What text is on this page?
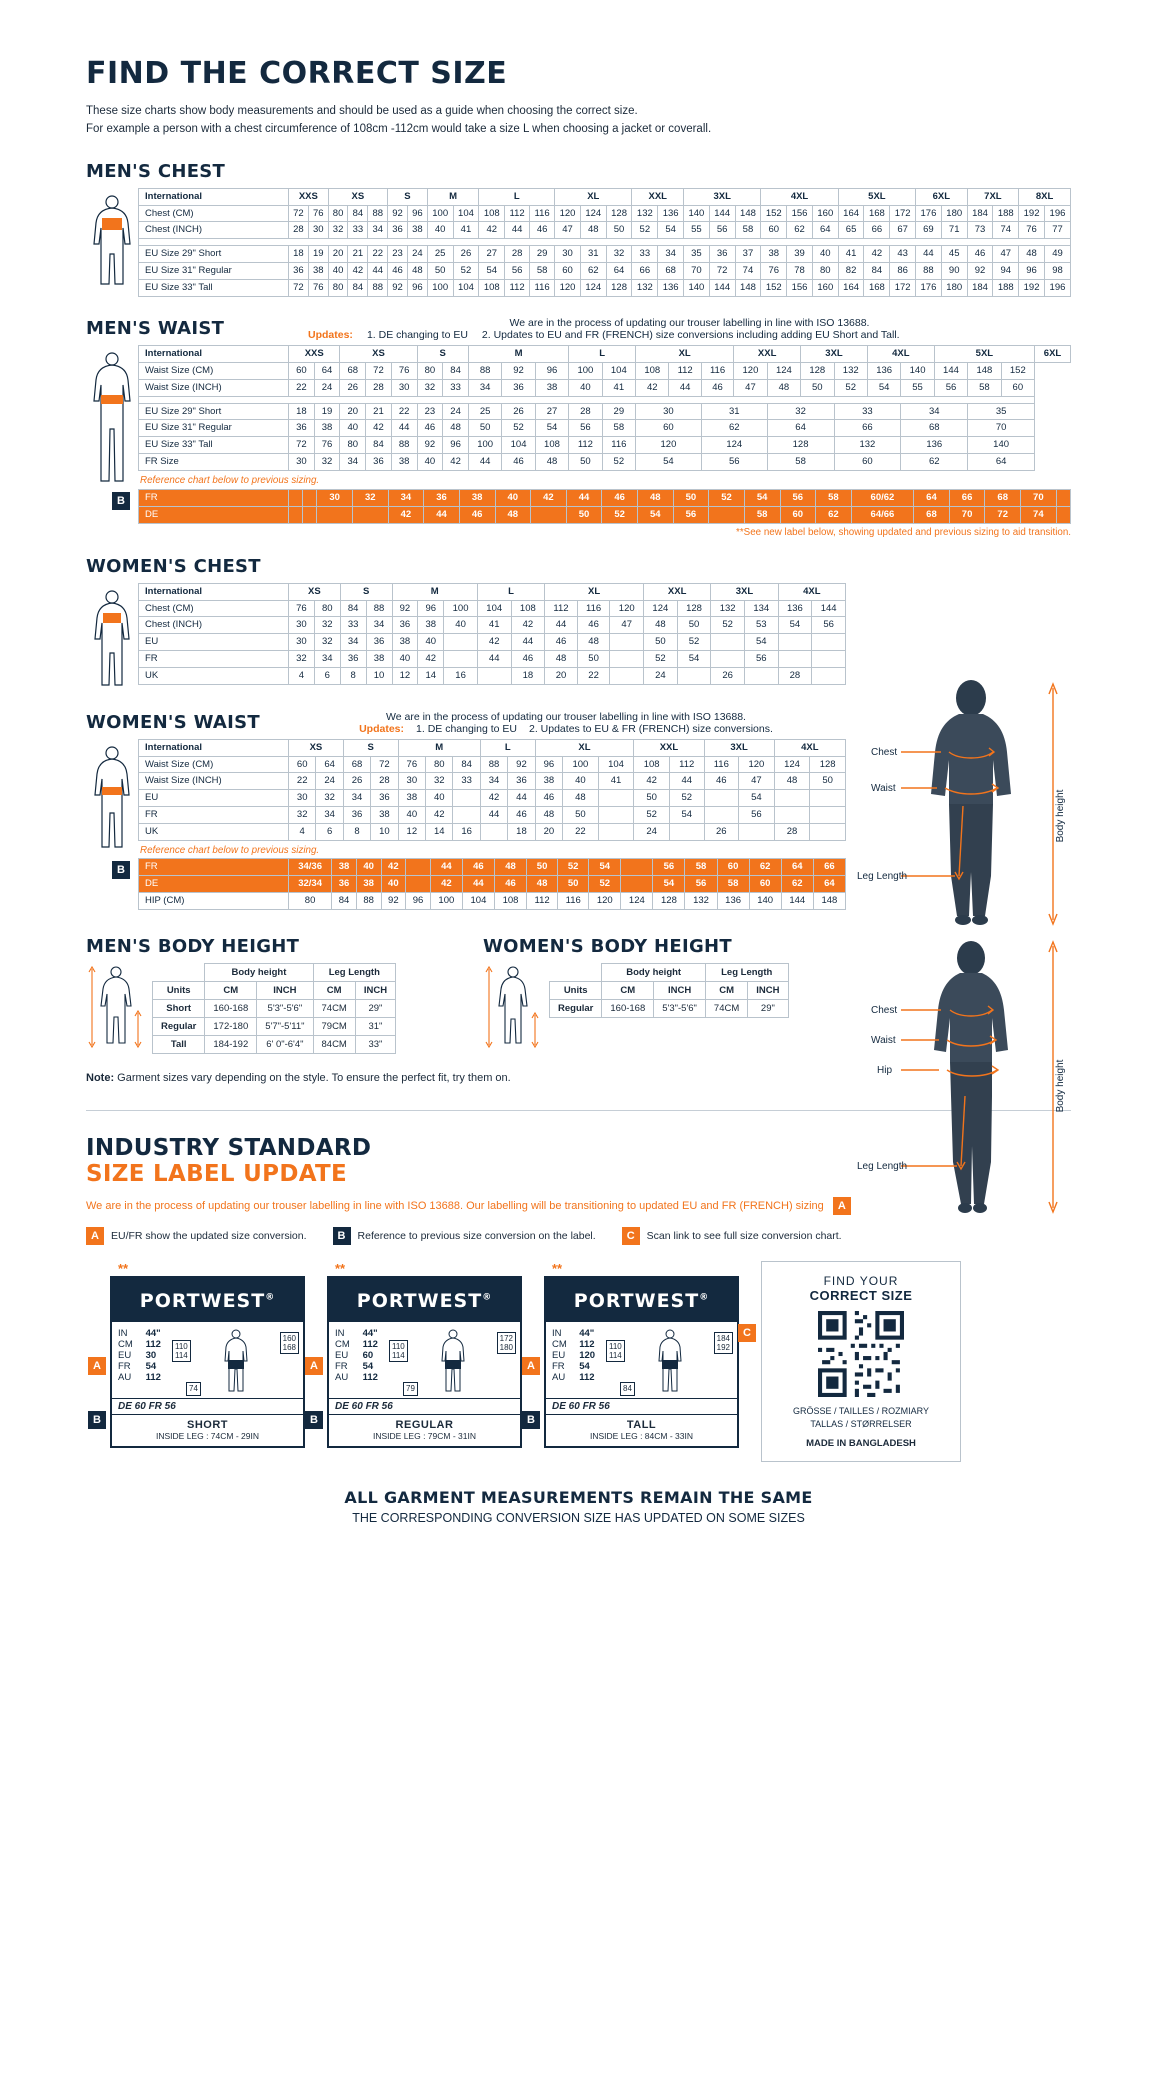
FIND THE CORRECT SIZE
These size charts show body measurements and should be used as a guide when choosing the correct size.
For example a person with a chest circumference of 108cm -112cm would take a size L when choosing a jacket or coverall.
MEN'S CHEST
International	XXS		XS			S		M		L			XL			XXL		3XL			4XL			5XL			6XL		7XL		8XL	
Chest (CM)	72	76	80	84	88	92	96	100	104	108	112	116	120	124	128	132	136	140	144	148	152	156	160	164	168	172	176	180	184	188	192	196
Chest (INCH)	28	30	32	33	34	36	38	40	41	42	44	46	47	48	50	52	54	55	56	58	60	62	64	65	66	67	69	71	73	74	76	77

EU Size 29" Short	18	19	20	21	22	23	24	25	26	27	28	29	30	31	32	33	34	35	36	37	38	39	40	41	42	43	44	45	46	47	48	49
EU Size 31" Regular	36	38	40	42	44	46	48	50	52	54	56	58	60	62	64	66	68	70	72	74	76	78	80	82	84	86	88	90	92	94	96	98
EU Size 33" Tall	72	76	80	84	88	92	96	100	104	108	112	116	120	124	128	132	136	140	144	148	152	156	160	164	168	172	176	180	184	188	192	196
MEN'S WAIST	We are in the process of updating our trouser labelling in line with ISO 13688.
Updates: 1. DE changing to EU 2. Updates to EU and FR (FRENCH) size conversions including adding EU Short and Tall.
International	XXS		XS			S		M			L		XL			XXL		3XL		4XL		5XL			6XL
Waist Size (CM)	60	64	68	72	76	80	84	88	92	96	100	104	108	112	116	120	124	128	132	136	140	144	148	152	
Waist Size (INCH)	22	24	26	28	30	32	33	34	36	38	40	41	42	44	46	47	48	50	52	54	55	56	58	60	

EU Size 29" Short	18	19	20	21	22	23	24	25	26	27	28	29	30		31		32		33		34		35		
EU Size 31" Regular	36	38	40	42	44	46	48	50	52	54	56	58	60		62		64		66		68		70		
EU Size 33" Tall	72	76	80	84	88	92	96	100	104	108	112	116	120		124		128		132		136		140		
FR Size	30	32	34	36	38	40	42	44	46	48	50	52	54		56		58		60		62		64		
Reference chart below to previous sizing.
B	FR			30	32	34	36	38	40	42	44	46	48	50	52	54	56	58	60/62	64	66	68	70	
DE					42	44	46	48		50	52	54	56		58	60	62	64/66	68	70	72	74	
**See new label below, showing updated and previous sizing to aid transition.
WOMEN'S CHEST
International	XS		S		M			L		XL			XXL		3XL		4XL	
Chest (CM)	76	80	84	88	92	96	100	104	108	112	116	120	124	128	132	134	136	144
Chest (INCH)	30	32	33	34	36	38	40	41	42	44	46	47	48	50	52	53	54	56
EU	30	32	34	36	38	40		42	44	46	48		50	52		54		
FR	32	34	36	38	40	42		44	46	48	50		52	54		56		
UK	4	6	8	10	12	14	16		18	20	22		24		26		28	
WOMEN'S WAIST	We are in the process of updating our trouser labelling in line with ISO 13688.
Updates: 1. DE changing to EU 2. Updates to EU & FR (FRENCH) size conversions.
International	XS		S		M			L		XL			XXL		3XL		4XL	
Waist Size (CM)	60	64	68	72	76	80	84	88	92	96	100	104	108	112	116	120	124	128
Waist Size (INCH)	22	24	26	28	30	32	33	34	36	38	40	41	42	44	46	47	48	50
EU	30	32	34	36	38	40		42	44	46	48		50	52		54		
FR	32	34	36	38	40	42		44	46	48	50		52	54		56		
UK	4	6	8	10	12	14	16		18	20	22		24		26		28	
Reference chart below to previous sizing.
B	FR	34/36	38	40	42		44	46	48	50	52	54		56	58	60	62	64	66
DE	32/34	36	38	40		42	44	46	48	50	52		54	56	58	60	62	64
HIP (CM)	80	84	88	92	96	100	104	108	112	116	120	124	128	132	136	140	144	148
MEN'S BODY HEIGHT
	Body height		Leg Length	
Units	CM	INCH	CM	INCH
Short	160-168	5'3"-5'6"	74CM	29"
Regular	172-180	5'7"-5'11"	79CM	31"
Tall	184-192	6' 0"-6'4"	84CM	33"
WOMEN'S BODY HEIGHT
	Body height		Leg Length	
Units	CM	INCH	CM	INCH
Regular	160-168	5'3"-5'6"	74CM	29"
Note: Garment sizes vary depending on the style. To ensure the perfect fit, try them on.
INDUSTRY STANDARD
SIZE LABEL UPDATE
We are in the process of updating our trouser labelling in line with ISO 13688. Our labelling will be transitioning to updated EU and FR (FRENCH) sizing A
A	EU/FR show the updated size conversion.	B	Reference to previous size conversion on the label.	C	Scan link to see full size conversion chart.
**
PORTWEST®
IN	44"
CM	112
EU	30
FR	54
AU	112
110
114
160
168
74
DE 60 FR 56
SHORT
INSIDE LEG : 74CM - 29IN
A
B
**
PORTWEST®
IN	44"
CM	112
EU	60
FR	54
AU	112
110
114
172
180
79
DE 60 FR 56
REGULAR
INSIDE LEG : 79CM - 31IN
A
B
**
PORTWEST®
IN	44"
CM	112
EU	120
FR	54
AU	112
110
114
184
192
84
DE 60 FR 56
TALL
INSIDE LEG : 84CM - 33IN
A
B
C
FIND YOUR
CORRECT SIZE
GRÖSSE / TAILLES / ROZMIARY
TALLAS / STØRRELSER
MADE IN BANGLADESH
ALL GARMENT MEASUREMENTS REMAIN THE SAME
THE CORRESPONDING CONVERSION SIZE HAS UPDATED ON SOME SIZES
Chest
Waist
Leg Length
Body height
Chest
Waist
Hip
Leg Length
Body height
